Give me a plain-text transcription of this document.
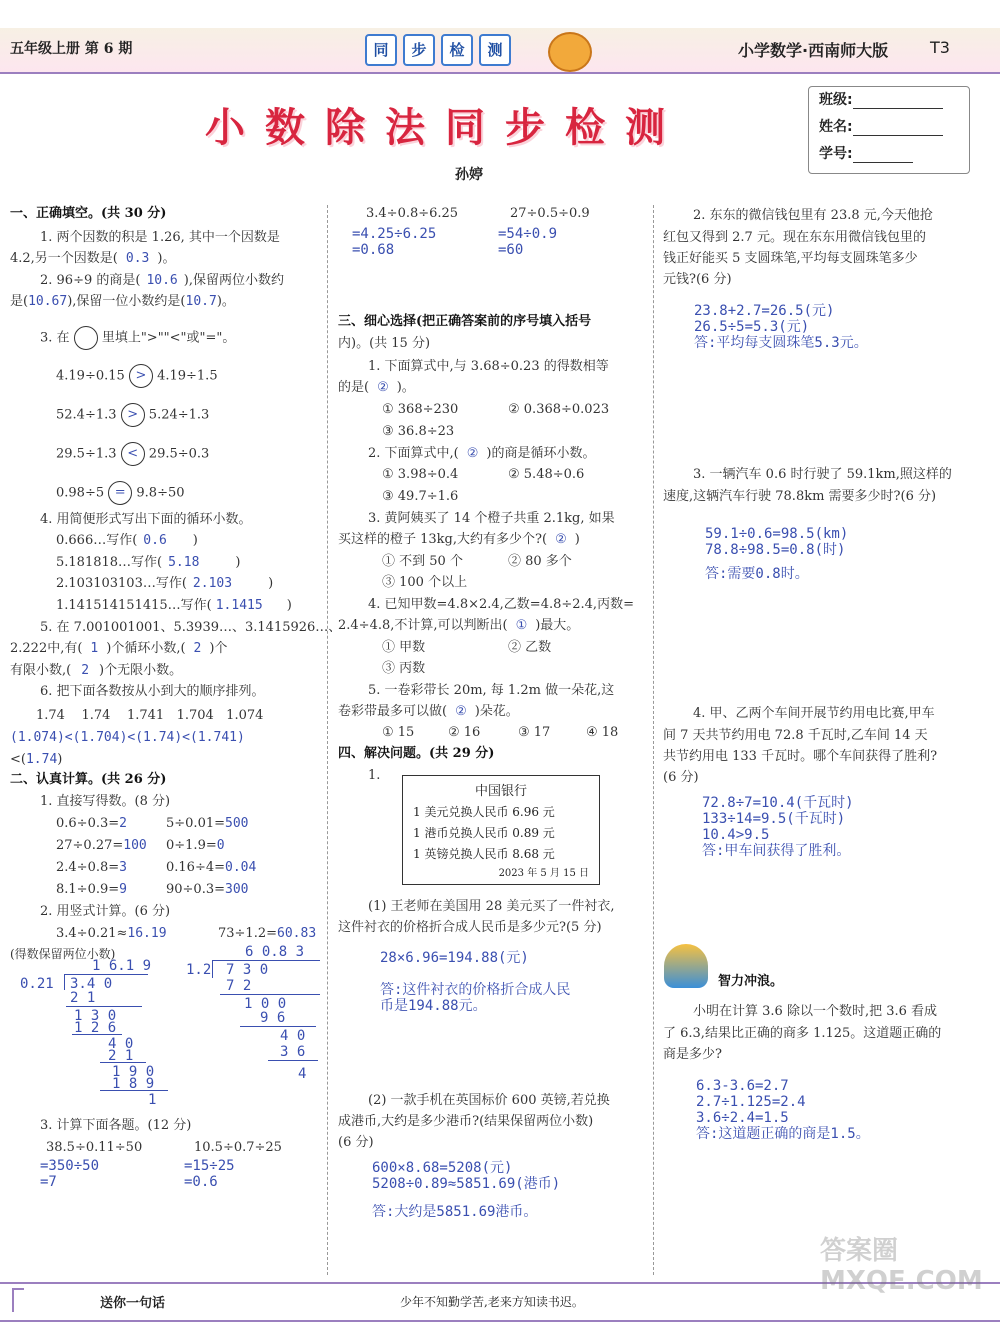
五年级上册 第 6 期	同 步 检 测	小学数学·西南师大版	T3
小 数 除 法 同 步 检 测
孙婷
班级:
姓名:
学号:
一、正确填空。(共 30 分)
1. 两个因数的积是 1.26, 其中一个因数是
4.2,另一个因数是( 0.3 )。
2. 96÷9 的商是( 10.6 ),保留两位小数约
是(10.67),保留一位小数约是(10.7)。
3. 在 里填上">""<"或"="。
4.19÷0.15 > 4.19÷1.5
52.4÷1.3 > 5.24÷1.3
29.5÷1.3 < 29.5÷0.3
0.98÷5 = 9.8÷50
4. 用简便形式写出下面的循环小数。
0.666…写作( 0.6 )
5.181818…写作( 5.18	)
2.103103103…写作( 2.103	)
1.141514151415…写作( 1.1415 )
5. 在 7.001001001、5.3939…、3.1415926…、
2.222中,有( 1 )个循环小数,( 2 )个
有限小数,( 2 )个无限小数。
6. 把下面各数按从小到大的顺序排列。
1.74    1.74    1.741   1.704   1.074
(1.074)<(1.704)<(1.74)<(1.741)
<(1.74)
二、认真计算。(共 26 分)
1. 直接写得数。(8 分)
0.6÷0.3=2	5÷0.01=500
27÷0.27=100 0÷1.9=0
2.4÷0.8=3	0.16÷4=0.04
8.1÷0.9=9	90÷0.3=300
2. 用竖式计算。(6 分)
3.4÷0.21≈16.19	73÷1.2=60.83
(得数保留两位小数)
1 6.1 9
0.21 3.4 0
2 1
1 3 0
1 2 6
4 0
2 1
1 9 0
1 8 9
1
6 0.8 3
1.2 7 3 0
7 2
1 0 0
9 6
4 0
3 6
4
3. 计算下面各题。(12 分)
38.5÷0.11÷50
=350÷50
=7
10.5÷0.7÷25
=15÷25
=0.6
3.4÷0.8÷6.25
=4.25÷6.25
=0.68
27÷0.5÷0.9
=54÷0.9
=60
三、细心选择(把正确答案前的序号填入括号
内)。(共 15 分)
1. 下面算式中,与 3.68÷0.23 的得数相等
的是( ② )。
① 368÷230	② 0.368÷0.023
③ 36.8÷23
2. 下面算式中,( ② )的商是循环小数。
① 3.98÷0.4	② 5.48÷0.6
③ 49.7÷1.6
3. 黄阿姨买了 14 个橙子共重 2.1kg, 如果
买这样的橙子 13kg,大约有多少个?( ② )
① 不到 50 个	② 80 多个
③ 100 个以上
4. 已知甲数=4.8×2.4,乙数=4.8÷2.4,丙数=
2.4÷4.8,不计算,可以判断出( ① )最大。
① 甲数	② 乙数
③ 丙数
5. 一卷彩带长 20m, 每 1.2m 做一朵花,这
卷彩带最多可以做( ② )朵花。
① 15	② 16	③ 17	④ 18
四、解决问题。(共 29 分)
1.
中国银行
1 美元兑换人民币 6.96 元
1 港币兑换人民币 0.89 元
1 英镑兑换人民币 8.68 元
2023 年 5 月 15 日
(1) 王老师在美国用 28 美元买了一件衬衣,
这件衬衣的价格折合成人民币是多少元?(5 分)
28×6.96=194.88(元)
答:这件衬衣的价格折合成人民
币是194.88元。
(2) 一款手机在英国标价 600 英镑,若兑换
成港币,大约是多少港币?(结果保留两位小数)
(6 分)
600×8.68=5208(元)
5208÷0.89≈5851.69(港币)
答:大约是5851.69港币。
2. 东东的微信钱包里有 23.8 元,今天他抢
红包又得到 2.7 元。现在东东用微信钱包里的
钱正好能买 5 支圆珠笔,平均每支圆珠笔多少
元钱?(6 分)
23.8+2.7=26.5(元)
26.5÷5=5.3(元)
答:平均每支圆珠笔5.3元。
3. 一辆汽车 0.6 时行驶了 59.1km,照这样的
速度,这辆汽车行驶 78.8km 需要多少时?(6 分)
59.1÷0.6=98.5(km)
78.8÷98.5=0.8(时)
答:需要0.8时。
4. 甲、乙两个车间开展节约用电比赛,甲车
间 7 天共节约用电 72.8 千瓦时,乙车间 14 天
共节约用电 133 千瓦时。哪个车间获得了胜利?
(6 分)
72.8÷7=10.4(千瓦时)
133÷14=9.5(千瓦时)
10.4>9.5
答:甲车间获得了胜利。
智力冲浪。
小明在计算 3.6 除以一个数时,把 3.6 看成
了 6.3,结果比正确的商多 1.125。这道题正确的
商是多少?
6.3-3.6=2.7
2.7÷1.125=2.4
3.6÷2.4=1.5
答:这道题正确的商是1.5。
送你一句话	少年不知勤学苦,老来方知读书迟。
答案圈 MXQE.COM
